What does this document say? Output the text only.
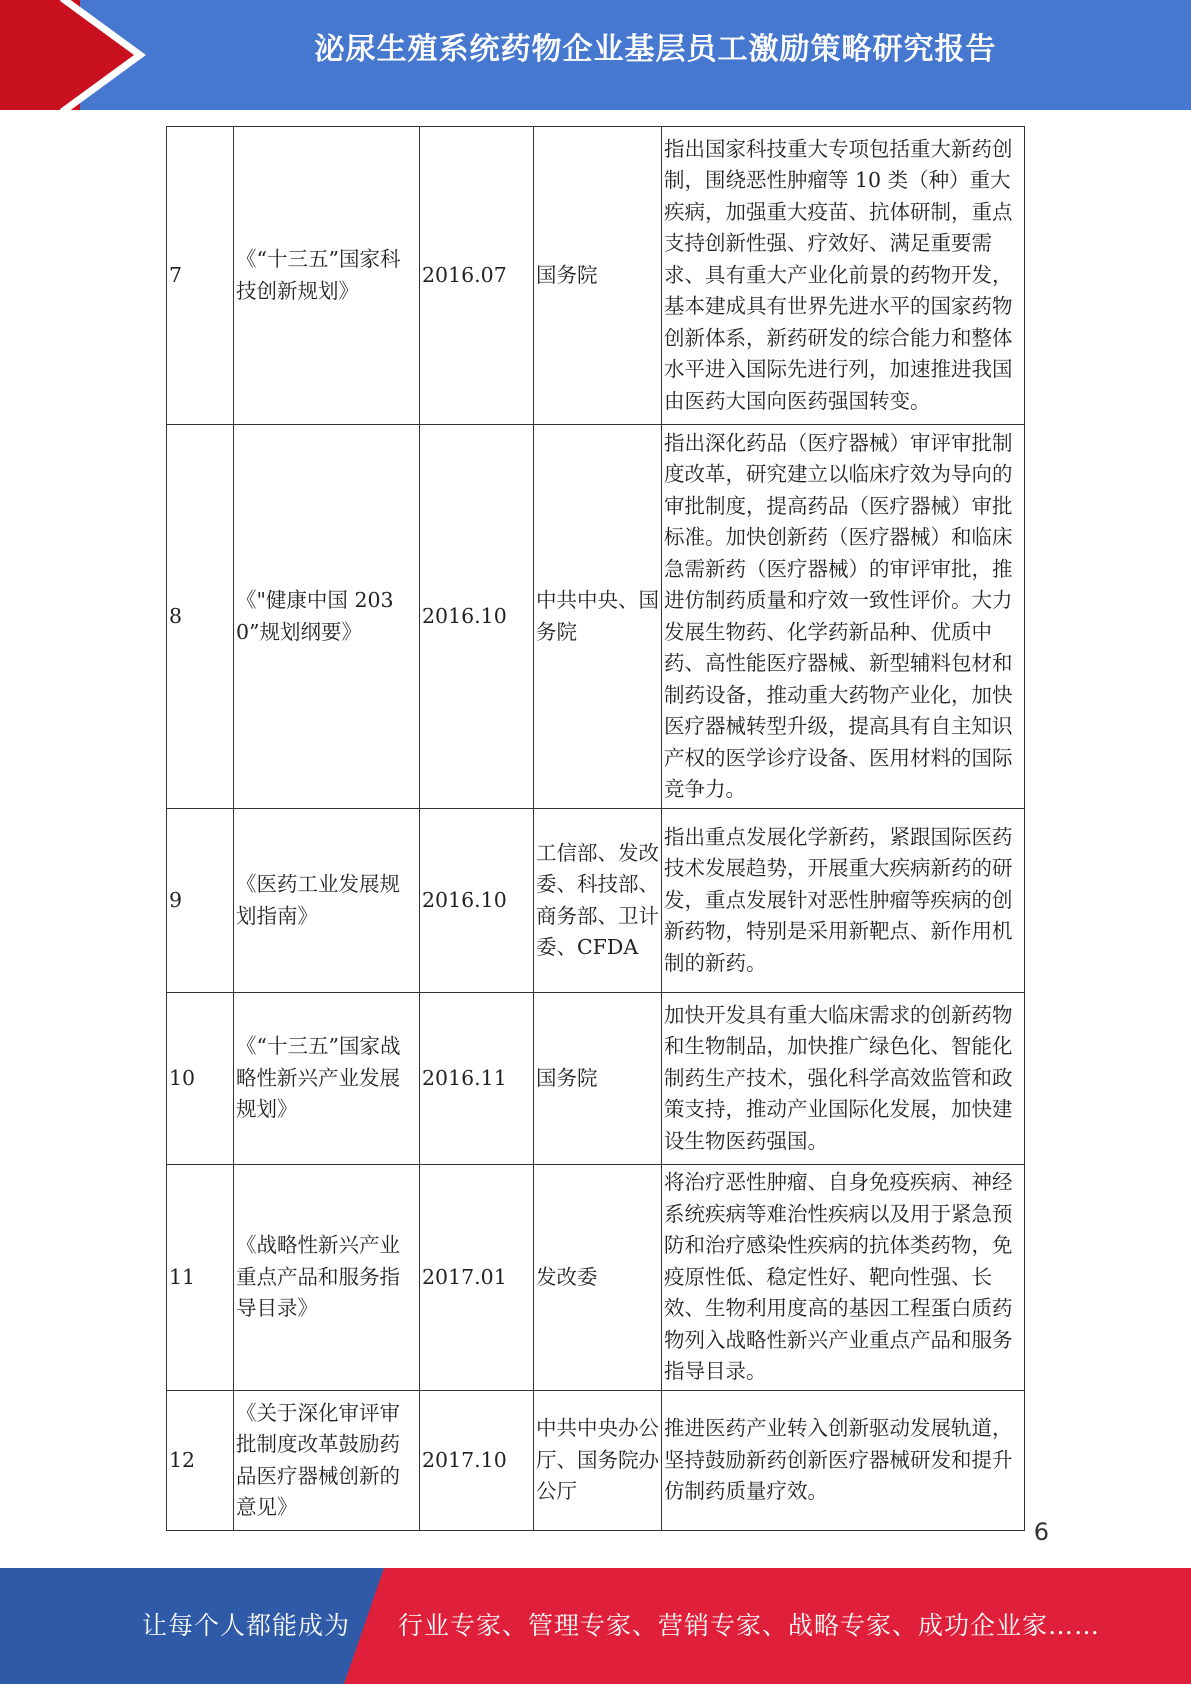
泌尿生殖系统药物企业基层员工激励策略研究报告
7	《“十三五”国家科技创新规划》	2016.07	国务院	指出国家科技重大专项包括重大新药创制，围绕恶性肿瘤等 10 类（种）重大疾病，加强重大疫苗、抗体研制，重点支持创新性强、疗效好、满足重要需求、具有重大产业化前景的药物开发，基本建成具有世界先进水平的国家药物创新体系，新药研发的综合能力和整体水平进入国际先进行列，加速推进我国由医药大国向医药强国转变。
8	《"健康中国 2030”规划纲要》	2016.10	中共中央、国务院	指出深化药品（医疗器械）审评审批制度改革，研究建立以临床疗效为导向的审批制度，提高药品（医疗器械）审批标准。加快创新药（医疗器械）和临床急需新药（医疗器械）的审评审批，推进仿制药质量和疗效一致性评价。大力发展生物药、化学药新品种、优质中药、高性能医疗器械、新型辅料包材和制药设备，推动重大药物产业化，加快医疗器械转型升级，提高具有自主知识产权的医学诊疗设备、医用材料的国际竞争力。
9	《医药工业发展规划指南》	2016.10	工信部、发改委、科技部、商务部、卫计委、CFDA	指出重点发展化学新药，紧跟国际医药技术发展趋势，开展重大疾病新药的研发，重点发展针对恶性肿瘤等疾病的创新药物，特别是采用新靶点、新作用机制的新药。
10	《“十三五”国家战略性新兴产业发展规划》	2016.11	国务院	加快开发具有重大临床需求的创新药物和生物制品，加快推广绿色化、智能化制药生产技术，强化科学高效监管和政策支持，推动产业国际化发展，加快建设生物医药强国。
11	《战略性新兴产业重点产品和服务指导目录》	2017.01	发改委	将治疗恶性肿瘤、自身免疫疾病、神经系统疾病等难治性疾病以及用于紧急预防和治疗感染性疾病的抗体类药物，免疫原性低、稳定性好、靶向性强、长效、生物利用度高的基因工程蛋白质药物列入战略性新兴产业重点产品和服务指导目录。
12	《关于深化审评审批制度改革鼓励药品医疗器械创新的意见》	2017.10	中共中央办公厅、国务院办公厅	推进医药产业转入创新驱动发展轨道，坚持鼓励新药创新医疗器械研发和提升仿制药质量疗效。
6
让每个人都能成为 行业专家、管理专家、营销专家、战略专家、成功企业家……
